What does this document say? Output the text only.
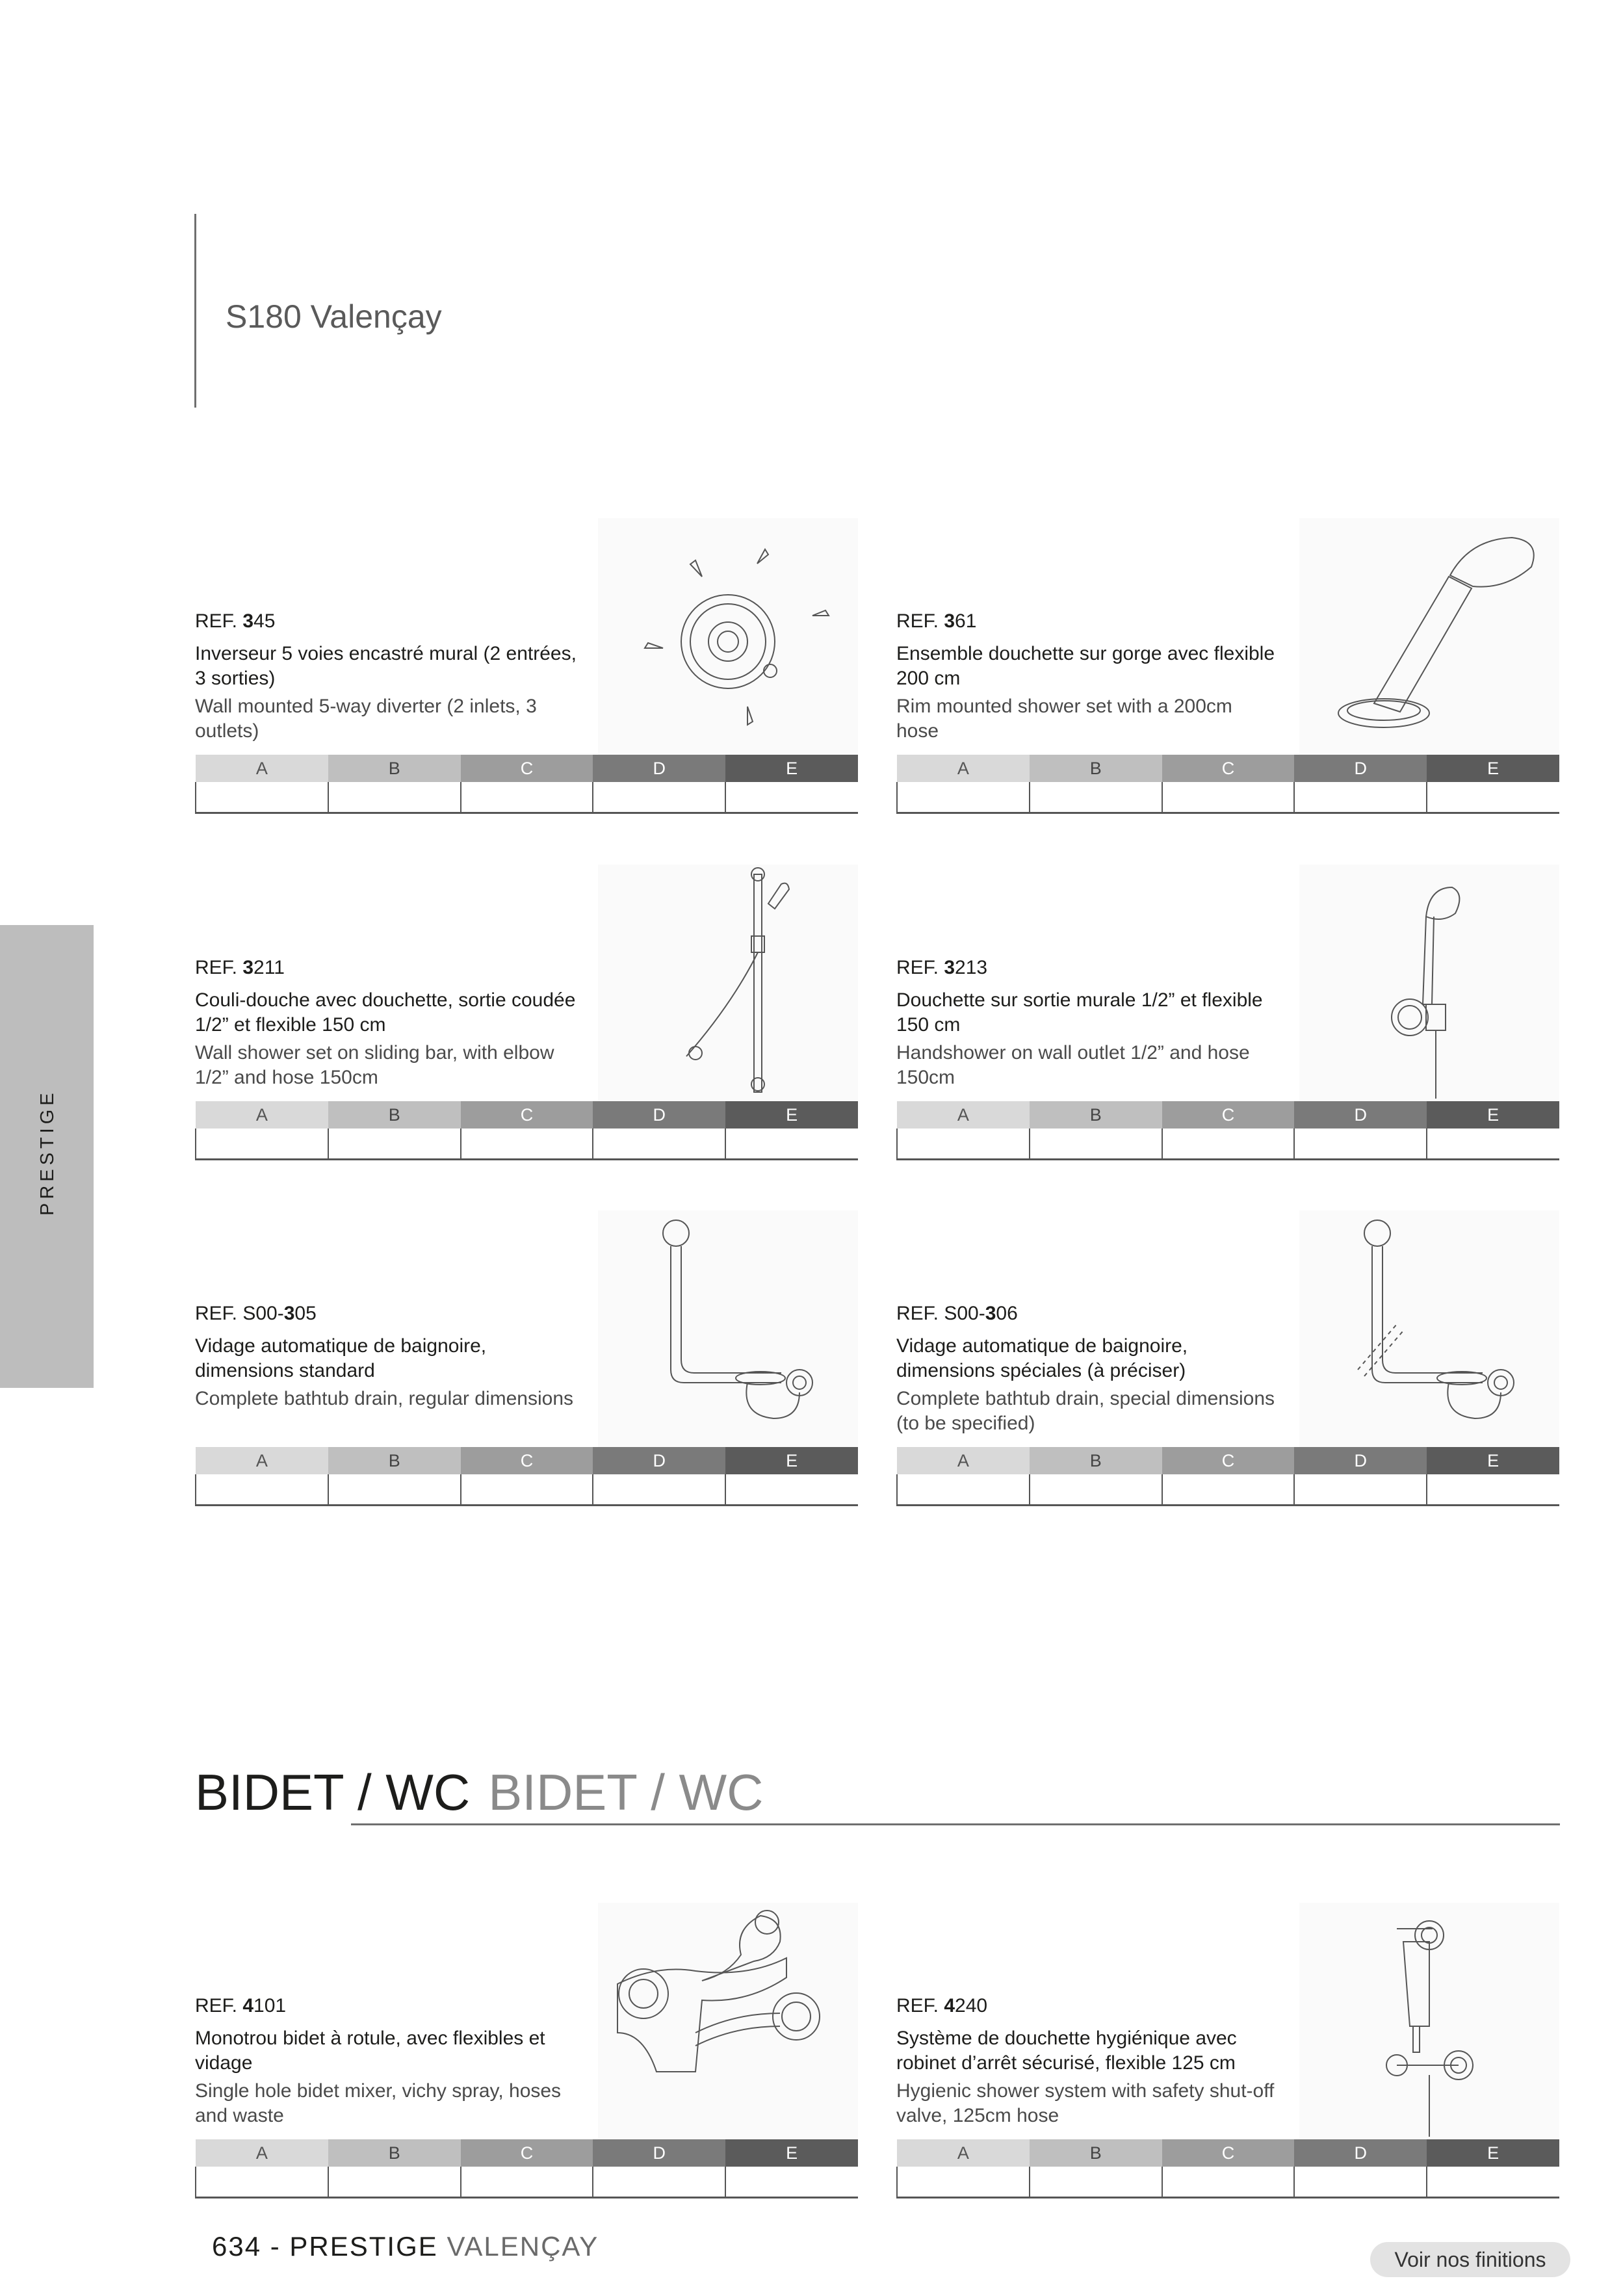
S180 Valençay
PRESTIGE
REF. 345
Inverseur 5 voies encastré mural (2 entrées, 3 sorties)
Wall mounted 5-way diverter (2 inlets, 3 outlets)
A	B	C	D	E

REF. 361
Ensemble douchette sur gorge avec flexible 200 cm
Rim mounted shower set with a 200cm hose
A	B	C	D	E

REF. 3211
Couli-douche avec douchette, sortie coudée 1/2” et flexible 150 cm
Wall shower set on sliding bar, with elbow 1/2” and hose 150cm
A	B	C	D	E

REF. 3213
Douchette sur sortie murale 1/2” et flexible 150 cm
Handshower on wall outlet 1/2” and hose 150cm
A	B	C	D	E

REF. S00-305
Vidage automatique de baignoire, dimensions standard
Complete bathtub drain, regular dimensions
A	B	C	D	E

REF. S00-306
Vidage automatique de baignoire, dimensions spéciales (à préciser)
Complete bathtub drain, special dimensions (to be specified)
A	B	C	D	E

BIDET / WC BIDET / WC
REF. 4101
Monotrou bidet à rotule, avec flexibles et vidage
Single hole bidet mixer, vichy spray, hoses and waste
A	B	C	D	E

REF. 4240
Système de douchette hygiénique avec robinet d’arrêt sécurisé, flexible 125 cm
Hygienic shower system with safety shut-off valve, 125cm hose
A	B	C	D	E

634 - PRESTIGE VALENÇAY	Voir nos finitions
